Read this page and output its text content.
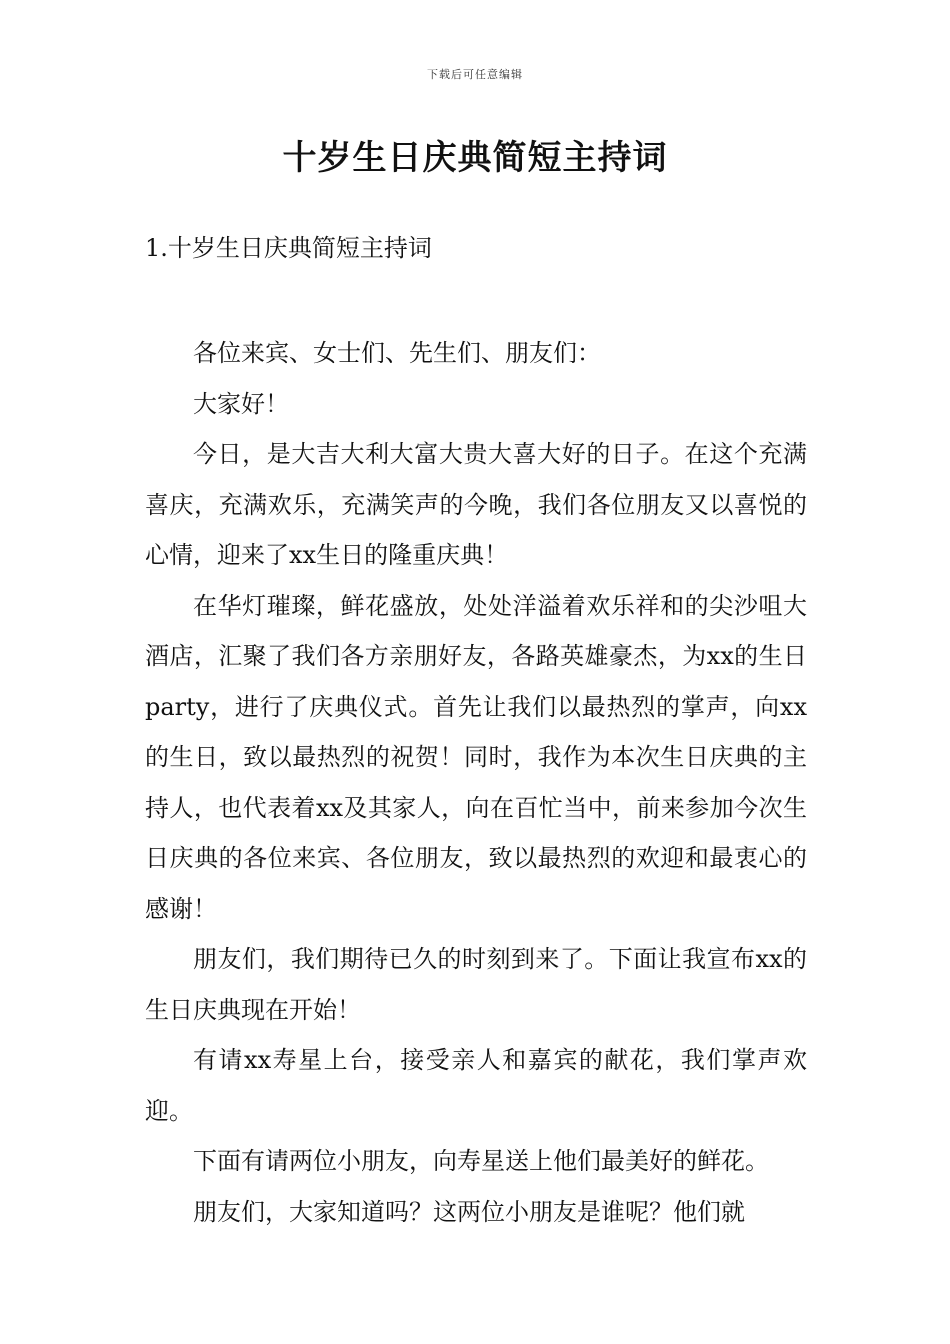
下载后可任意编辑
十岁生日庆典简短主持词
1.十岁生日庆典简短主持词

各位来宾、女士们、先生们、朋友们：

大家好！

今日，是大吉大利大富大贵大喜大好的日子。在这个充满喜庆，充满欢乐，充满笑声的今晚，我们各位朋友又以喜悦的心情，迎来了xx生日的隆重庆典！

在华灯璀璨，鲜花盛放，处处洋溢着欢乐祥和的尖沙咀大酒店，汇聚了我们各方亲朋好友，各路英雄豪杰，为xx的生日party，进行了庆典仪式。首先让我们以最热烈的掌声，向xx的生日，致以最热烈的祝贺！同时，我作为本次生日庆典的主持人，也代表着xx及其家人，向在百忙当中，前来参加今次生日庆典的各位来宾、各位朋友，致以最热烈的欢迎和最衷心的感谢！

朋友们，我们期待已久的时刻到来了。下面让我宣布xx的生日庆典现在开始！

有请xx寿星上台，接受亲人和嘉宾的献花，我们掌声欢迎。

下面有请两位小朋友，向寿星送上他们最美好的鲜花。

朋友们，大家知道吗？这两位小朋友是谁呢？他们就
